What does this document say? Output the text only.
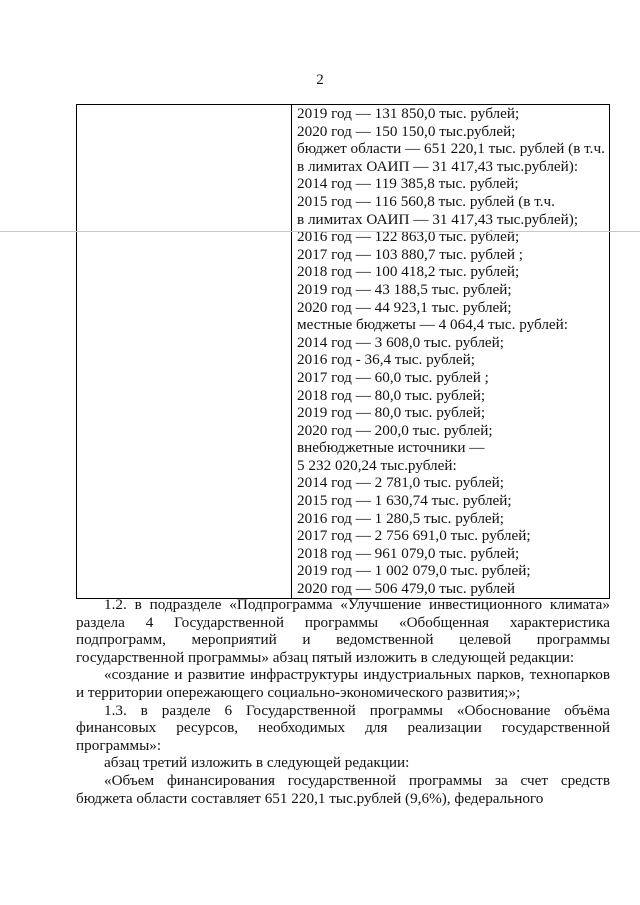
2

2019 год — 131 850,0 тыс. рублей;
2020 год — 150 150,0 тыс.рублей;
бюджет области — 651 220,1 тыс. рублей (в т.ч.
в лимитах ОАИП — 31 417,43 тыс.рублей):
2014 год — 119 385,8 тыс. рублей;
2015 год — 116 560,8 тыс. рублей (в т.ч.
в лимитах ОАИП — 31 417,43 тыс.рублей);
2016 год — 122 863,0 тыс. рублей;
2017 год — 103 880,7 тыс. рублей ;
2018 год — 100 418,2 тыс. рублей;
2019 год — 43 188,5 тыс. рублей;
2020 год — 44 923,1 тыс. рублей;
местные бюджеты — 4 064,4 тыс. рублей:
2014 год — 3 608,0 тыс. рублей;
2016 год - 36,4 тыс. рублей;
2017 год — 60,0 тыс. рублей ;
2018 год — 80,0 тыс. рублей;
2019 год — 80,0 тыс. рублей;
2020 год — 200,0 тыс. рублей;
внебюджетные источники —
5 232 020,24 тыс.рублей:
2014 год — 2 781,0 тыс. рублей;
2015 год — 1 630,74 тыс. рублей;
2016 год — 1 280,5 тыс. рублей;
2017 год — 2 756 691,0 тыс. рублей;
2018 год — 961 079,0 тыс. рублей;
2019 год — 1 002 079,0 тыс. рублей;
2020 год — 506 479,0 тыс. рублей

1.2. в подразделе «Подпрограмма «Улучшение инвестиционного климата» раздела 4 Государственной программы «Обобщенная характеристика подпрограмм, мероприятий и ведомственной целевой программы государственной программы» абзац пятый изложить в следующей редакции:

«создание и развитие инфраструктуры индустриальных парков, технопарков и территории опережающего социально-экономического развития;»;

1.3. в разделе 6 Государственной программы «Обоснование объёма финансовых ресурсов, необходимых для реализации государственной программы»:

абзац третий изложить в следующей редакции:

«Объем финансирования государственной программы за счет средств бюджета области составляет 651 220,1 тыс.рублей (9,6%), федерального
